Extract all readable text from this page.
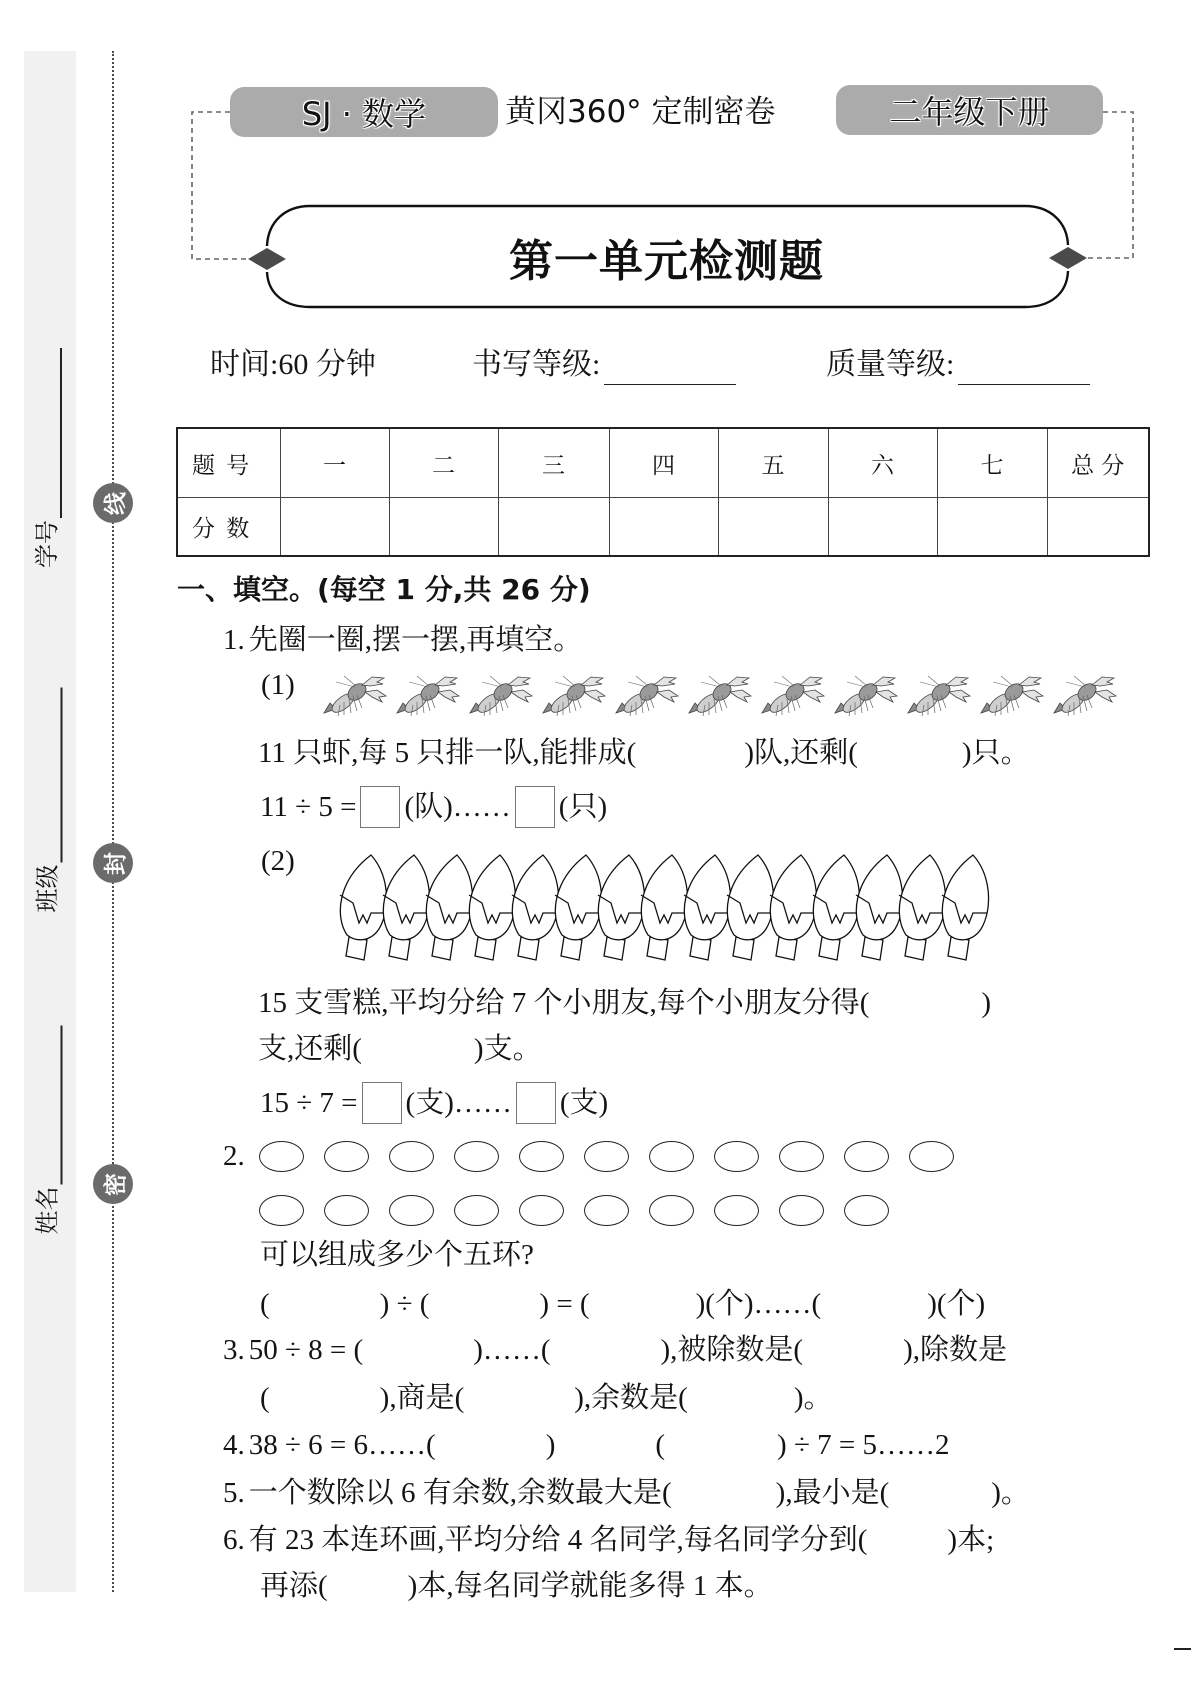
学号
班级
姓名
线
封
密
SJ · 数学	黄冈360° 定制密卷	二年级下册
第一单元检测题
时间:60 分钟	书写等级:	质量等级:
题 号	一	二	三	四	五	六	七	总 分
分 数								
一、填空。(每空 1 分,共 26 分)
1. 先圈一圈,摆一摆,再填空。
(1)
11 只虾,每 5 只排一队,能排成(	)队,还剩(	)只。
11 ÷ 5 = (队)…… (只)
(2)
15 支雪糕,平均分给 7 个小朋友,每个小朋友分得(	)
支,还剩(	)支。
15 ÷ 7 = (支)…… (支)
2.
可以组成多少个五环?
(	) ÷ (	) = (	)(个)……(	)(个)
3. 50 ÷ 8 = (	)……(	),被除数是(	),除数是
(	),商是(	),余数是(	)。
4. 38 ÷ 6 = 6……(	)	(	) ÷ 7 = 5……2
5. 一个数除以 6 有余数,余数最大是(	),最小是(	)。
6. 有 23 本连环画,平均分给 4 名同学,每名同学分到(	)本;
再添(	)本,每名同学就能多得 1 本。
